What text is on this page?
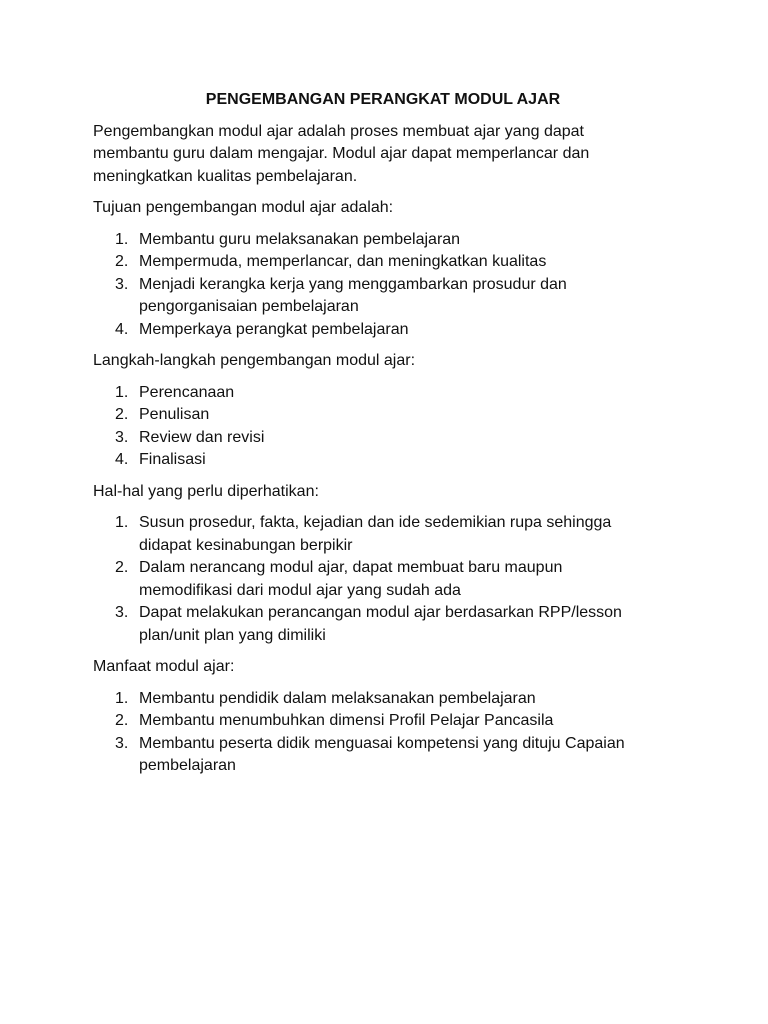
PENGEMBANGAN PERANGKAT MODUL AJAR
Pengembangkan modul ajar adalah proses membuat ajar yang dapat membantu guru dalam mengajar. Modul ajar dapat memperlancar dan meningkatkan kualitas pembelajaran.
Tujuan pengembangan modul ajar adalah:
1. Membantu guru melaksanakan pembelajaran
2. Mempermuda, memperlancar, dan meningkatkan kualitas
3. Menjadi kerangka kerja yang menggambarkan prosudur dan pengorganisaian pembelajaran
4. Memperkaya perangkat pembelajaran
Langkah-langkah pengembangan modul ajar:
1. Perencanaan
2. Penulisan
3. Review dan revisi
4. Finalisasi
Hal-hal yang perlu diperhatikan:
1. Susun prosedur, fakta, kejadian dan ide sedemikian rupa sehingga didapat kesinabungan berpikir
2. Dalam nerancang modul ajar, dapat membuat baru maupun memodifikasi dari modul ajar yang sudah ada
3. Dapat melakukan perancangan modul ajar berdasarkan RPP/lesson plan/unit plan yang dimiliki
Manfaat modul ajar:
1. Membantu pendidik dalam melaksanakan pembelajaran
2. Membantu menumbuhkan dimensi Profil Pelajar Pancasila
3. Membantu peserta didik menguasai kompetensi yang dituju Capaian pembelajaran
